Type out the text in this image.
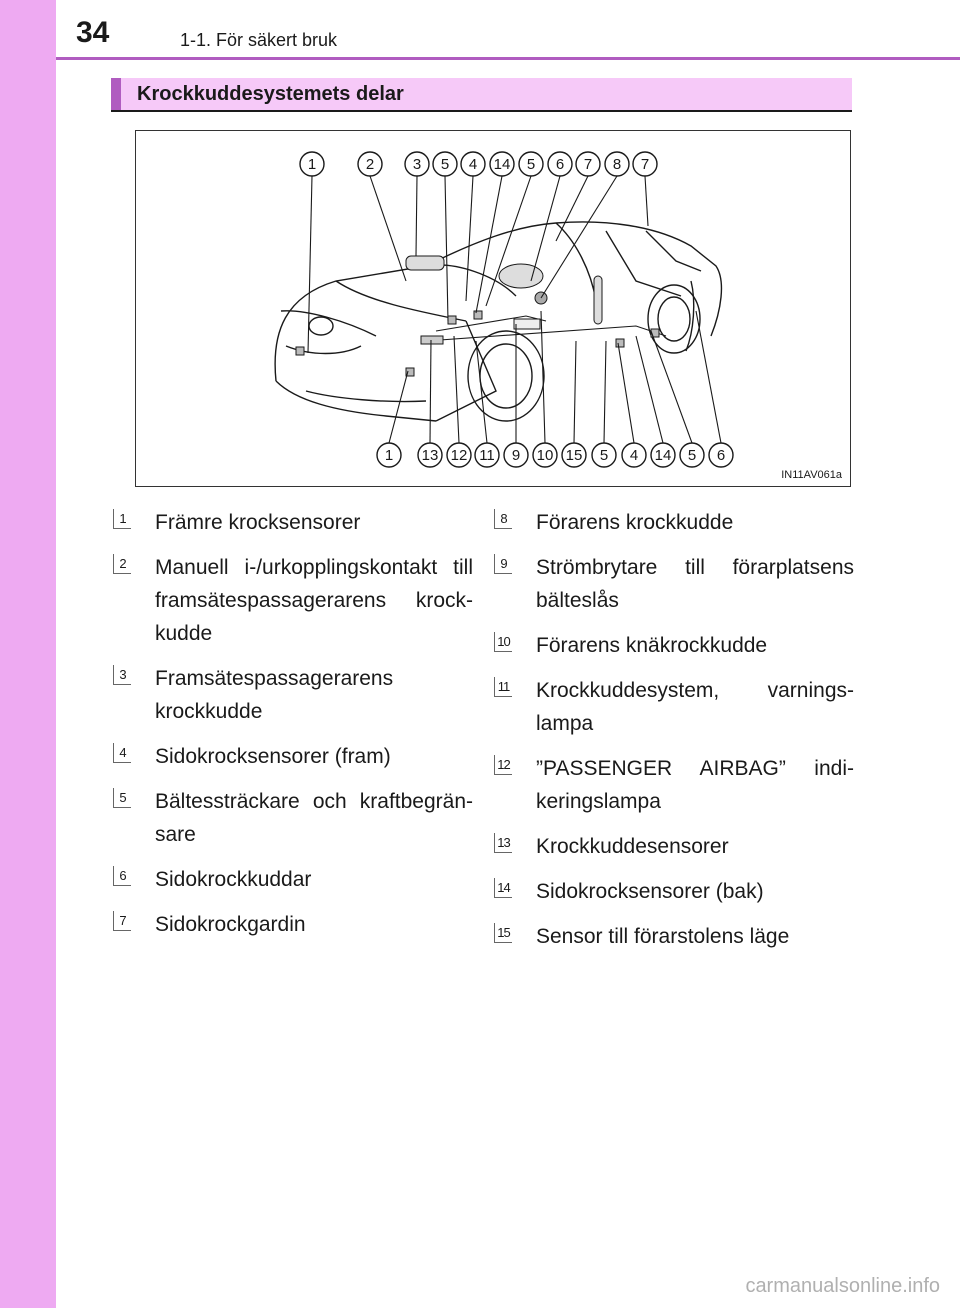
34	1-1. För säkert bruk
Krockkuddesystemets delar
1	2	3 5 4 14 5 6 7 8 7
1 13 12 11 9 10 15 5 4 14 5 6
IN11AV061a
1 Främre krocksensorer
2 Manuell i-/urkopplingskontakt till framsätespassagerarens krock-kudde
3 Framsätespassagerarens krockkudde
4 Sidokrocksensorer (fram)
5 Bältessträckare och kraftbegrän-sare
6 Sidokrockkuddar
7 Sidokrockgardin
8 Förarens krockkudde
9 Strömbrytare till förarplatsens bälteslås
10 Förarens knäkrockkudde
11 Krockkuddesystem, varnings-lampa
12 ”PASSENGER AIRBAG” indi-keringslampa
13 Krockkuddesensorer
14 Sidokrocksensorer (bak)
15 Sensor till förarstolens läge
carmanualsonline.info
